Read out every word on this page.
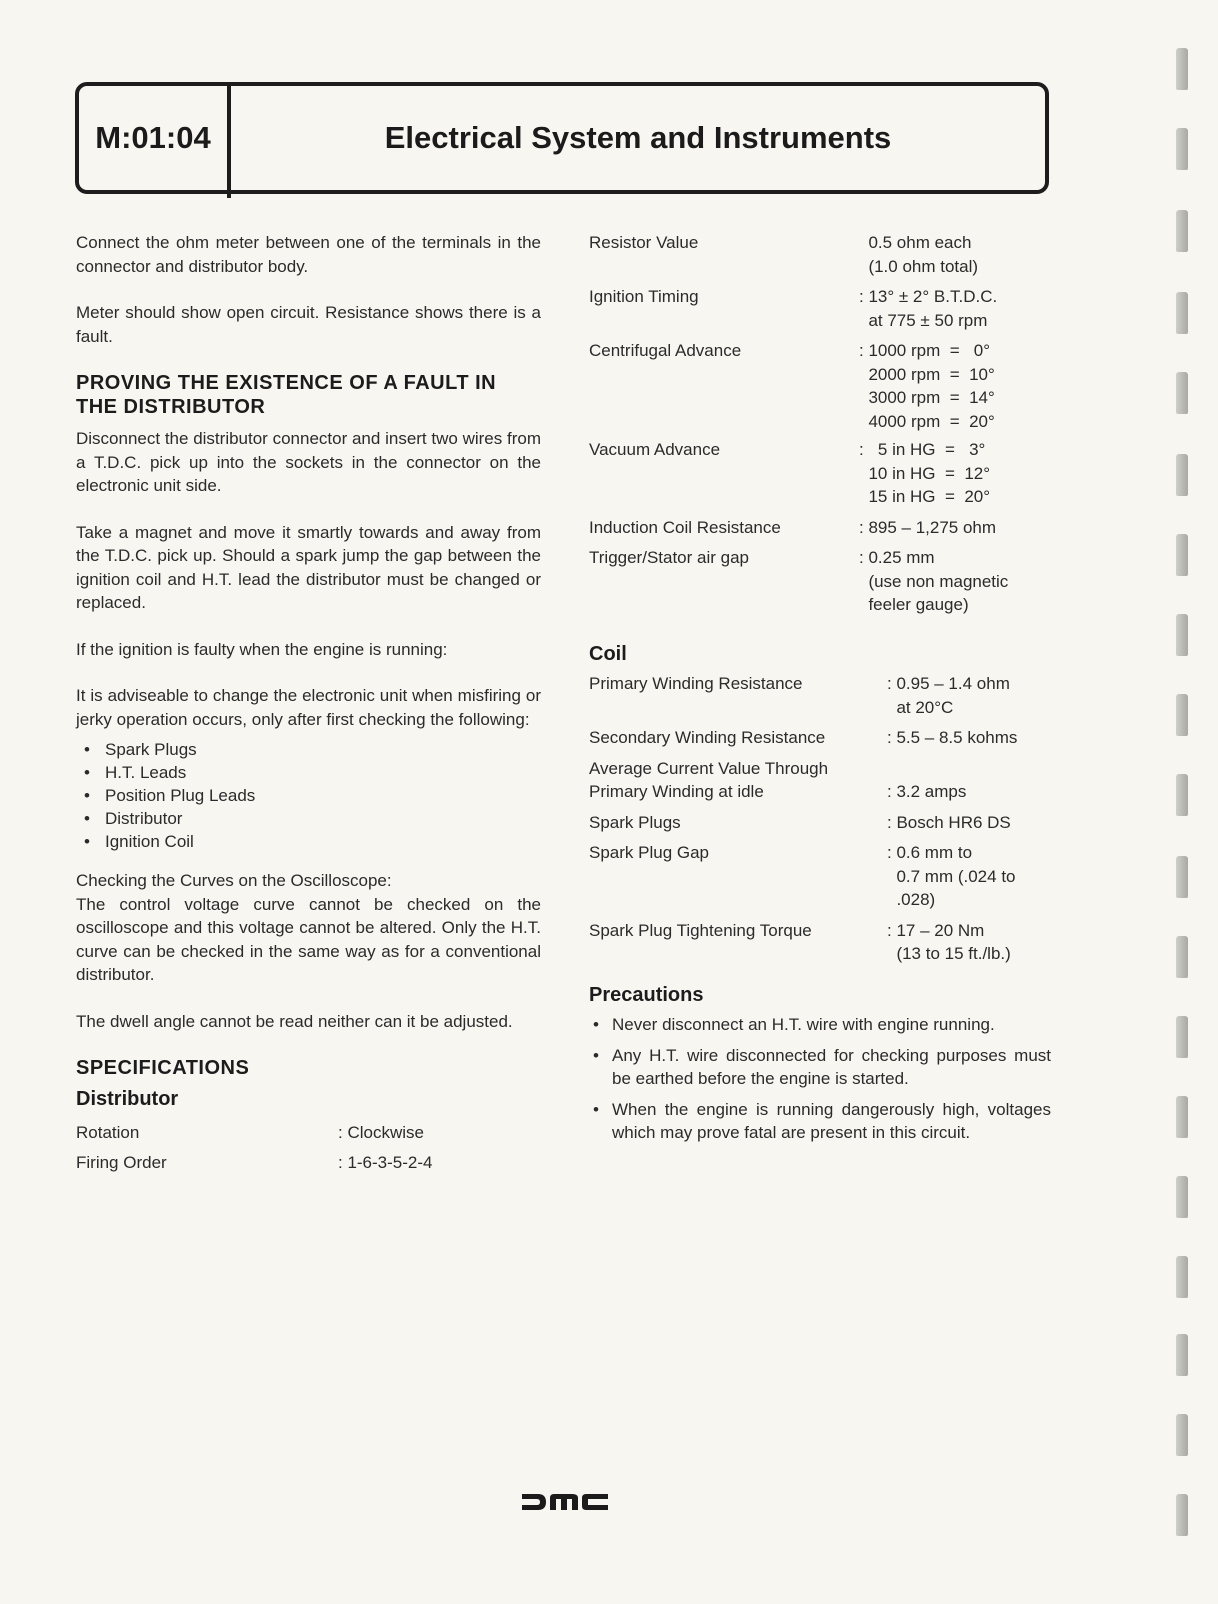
M:01:04	Electrical System and Instruments

Connect the ohm meter between one of the terminals in the connector and distributor body.

Meter should show open circuit. Resistance shows there is a fault.

PROVING THE EXISTENCE OF A FAULT IN THE DISTRIBUTOR

Disconnect the distributor connector and insert two wires from a T.D.C. pick up into the sockets in the connector on the electronic unit side.

Take a magnet and move it smartly towards and away from the T.D.C. pick up. Should a spark jump the gap between the ignition coil and H.T. lead the distributor must be changed or replaced.

If the ignition is faulty when the engine is running:

It is adviseable to change the electronic unit when misfiring or jerky operation occurs, only after first checking the following:

• Spark Plugs
• H.T. Leads
• Position Plug Leads
• Distributor
• Ignition Coil

Checking the Curves on the Oscilloscope:
The control voltage curve cannot be checked on the oscilloscope and this voltage cannot be altered. Only the H.T. curve can be checked in the same way as for a conventional distributor.

The dwell angle cannot be read neither can it be adjusted.

SPECIFICATIONS
Distributor
Rotation	: Clockwise
Firing Order	: 1-6-3-5-2-4
Resistor Value	0.5 ohm each
(1.0 ohm total)
Ignition Timing	: 13° ± 2° B.T.D.C.
at 775 ± 50 rpm
Centrifugal Advance	: 1000 rpm  =   0°
2000 rpm  =  10°
3000 rpm  =  14°
4000 rpm  =  20°
Vacuum Advance	:   5 in HG  =   3°
10 in HG  =  12°
15 in HG  =  20°
Induction Coil Resistance	: 895 – 1,275 ohm
Trigger/Stator air gap	: 0.25 mm
(use non magnetic
feeler gauge)
Coil
Primary Winding Resistance	: 0.95 – 1.4 ohm
at 20°C
Secondary Winding Resistance	: 5.5 – 8.5 kohms
Average Current Value Through
Primary Winding at idle	: 3.2 amps
Spark Plugs	: Bosch HR6 DS
Spark Plug Gap	: 0.6 mm to
0.7 mm (.024 to
.028)
Spark Plug Tightening Torque	: 17 – 20 Nm
(13 to 15 ft./lb.)
Precautions
• Never disconnect an H.T. wire with engine running.
• Any H.T. wire disconnected for checking purposes must be earthed before the engine is started.
• When the engine is running dangerously high, voltages which may prove fatal are present in this circuit.
